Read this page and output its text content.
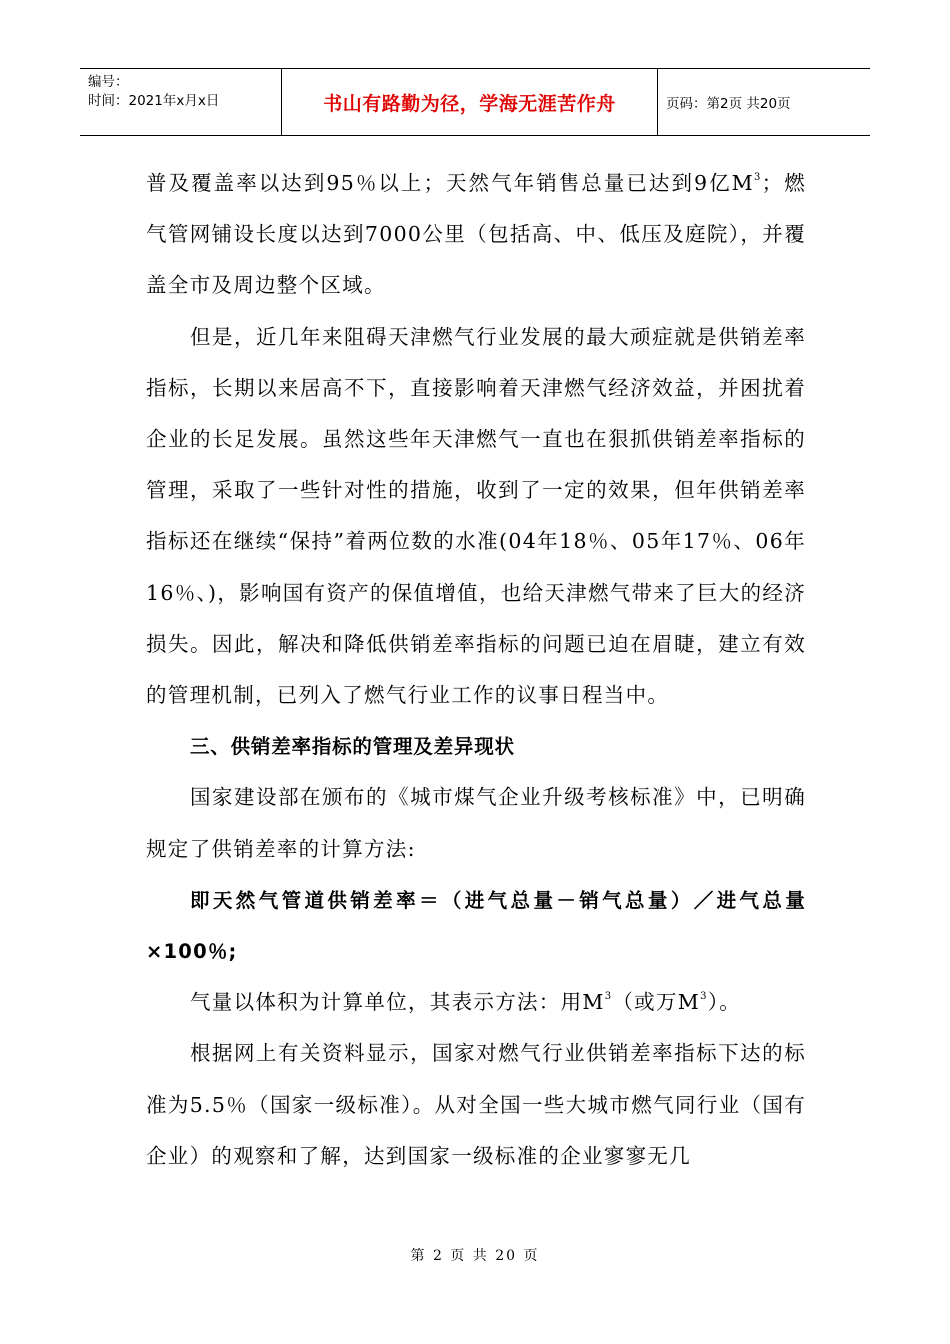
编号：
时间：2021年x月x日	书山有路勤为径，学海无涯苦作舟	页码：第2页 共20页

普及覆盖率以达到95％以上；天然气年销售总量已达到9亿$M^3$；燃气管网铺设长度以达到7000公里（包括高、中、低压及庭院），并覆盖全市及周边整个区域。

但是，近几年来阻碍天津燃气行业发展的最大顽症就是供销差率指标，长期以来居高不下，直接影响着天津燃气经济效益，并困扰着企业的长足发展。虽然这些年天津燃气一直也在狠抓供销差率指标的管理，采取了一些针对性的措施，收到了一定的效果，但年供销差率指标还在继续“保持”着两位数的水准(04年18％、05年17％、06年16％、)，影响国有资产的保值增值，也给天津燃气带来了巨大的经济损失。因此，解决和降低供销差率指标的问题已迫在眉睫，建立有效的管理机制，已列入了燃气行业工作的议事日程当中。

三、供销差率指标的管理及差异现状

国家建设部在颁布的《城市煤气企业升级考核标准》中，已明确规定了供销差率的计算方法:

即天然气管道供销差率＝（进气总量－销气总量）／进气总量×100％;

气量以体积为计算单位，其表示方法：用$M^3$（或万$M^3$）。

根据网上有关资料显示，国家对燃气行业供销差率指标下达的标准为5.5％（国家一级标准）。从对全国一些大城市燃气同行业（国有企业）的观察和了解，达到国家一级标准的企业寥寥无几

第 2 页 共 20 页
